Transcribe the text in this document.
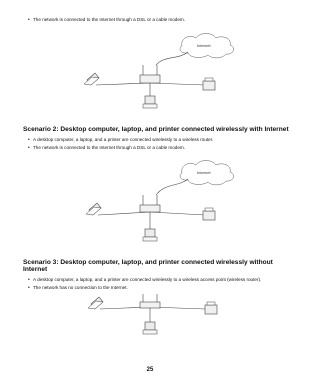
• The network is connected to the Internet through a DSL or a cable modem.
Internet
Scenario 2: Desktop computer, laptop, and printer connected wirelessly with Internet
• A desktop computer, a laptop, and a printer are connected wirelessly to a wireless router.
• The network is connected to the Internet through a DSL or a cable modem.
Internet
Scenario 3: Desktop computer, laptop, and printer connected wirelessly without
Internet
• A desktop computer, a laptop, and a printer are connected wirelessly to a wireless access point (wireless router).
• The network has no connection to the Internet.
25
